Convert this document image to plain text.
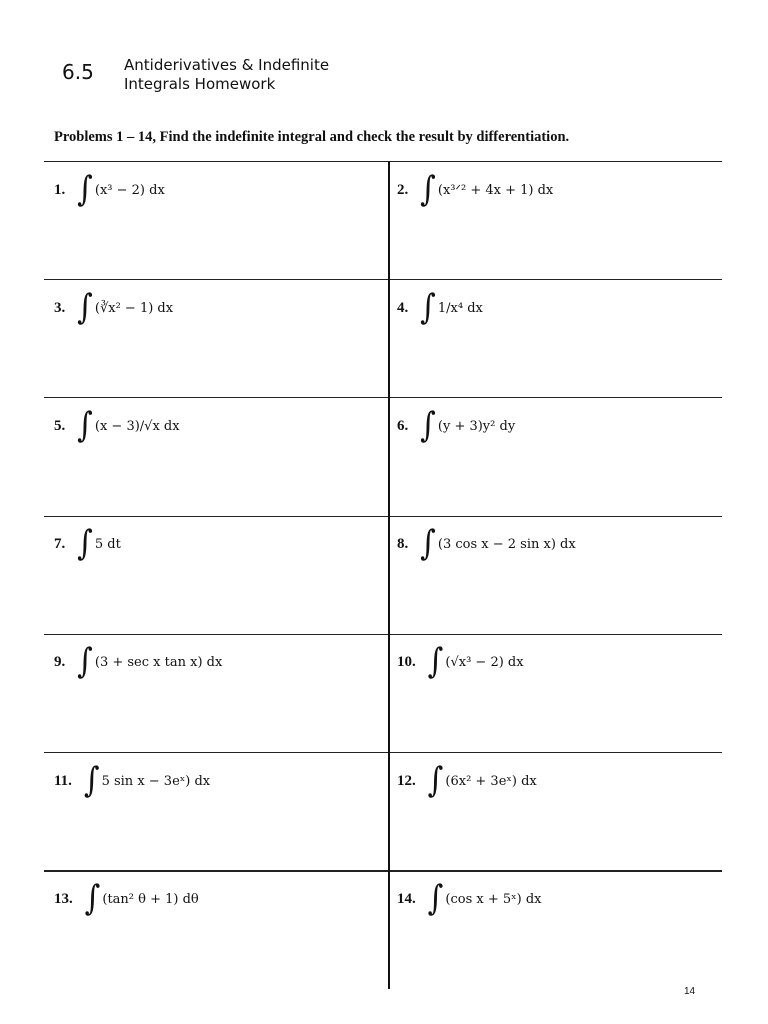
6.5 Antiderivatives & Indefinite
Integrals Homework
Problems 1 – 14, Find the indefinite integral and check the result by differentiation.
1. ∫ (x³ − 2) dx	2. ∫ (x³ᐟ² + 4x + 1) dx
3. ∫ (∛x² − 1) dx	4. ∫ 1/x⁴ dx
5. ∫ (x − 3)/√x dx	6. ∫ (y + 3)y² dy
7. ∫ 5 dt	8. ∫ (3 cos x − 2 sin x) dx
9. ∫ (3 + sec x tan x) dx	10. ∫ (√x³ − 2) dx
11. ∫ 5 sin x − 3eˣ) dx	12. ∫ (6x² + 3eˣ) dx
13. ∫ (tan² θ + 1) dθ	14. ∫ (cos x + 5ˣ) dx
14
